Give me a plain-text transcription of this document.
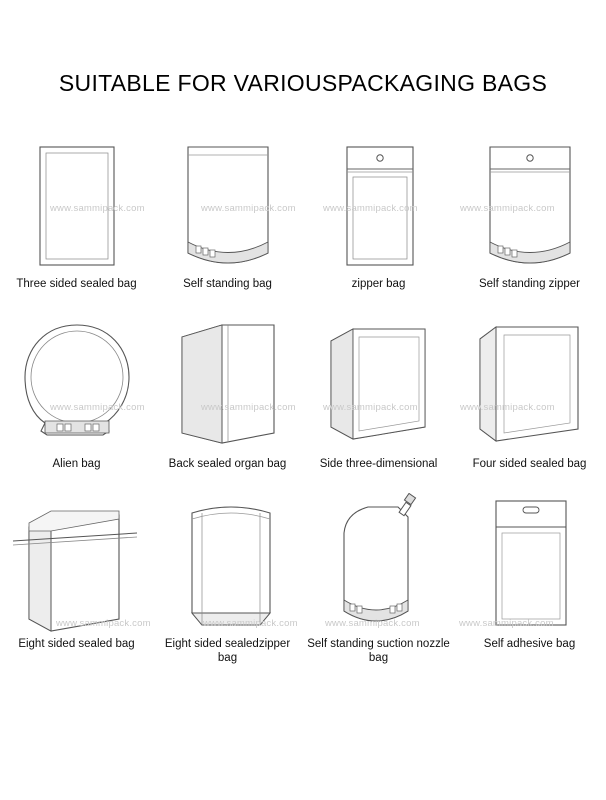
SUITABLE FOR VARIOUSPACKAGING BAGS
Three sided sealed bag	Self standing bag	zipper bag	Self standing zipper
Alien bag	Back sealed organ bag	Side three-dimensional	Four sided sealed bag
Eight sided sealed bag	Eight sided sealedzipper bag
Self standing suction nozzle bag
Self adhesive bag
www.sammipack.com	www.sammipack.com	www.sammipack.com	www.sammipack.com
www.sammipack.com	www.sammipack.com	www.sammipack.com	www.sammipack.com
www.sammipack.com	www.sammipack.com	www.sammipack.com	www.sammipack.com
